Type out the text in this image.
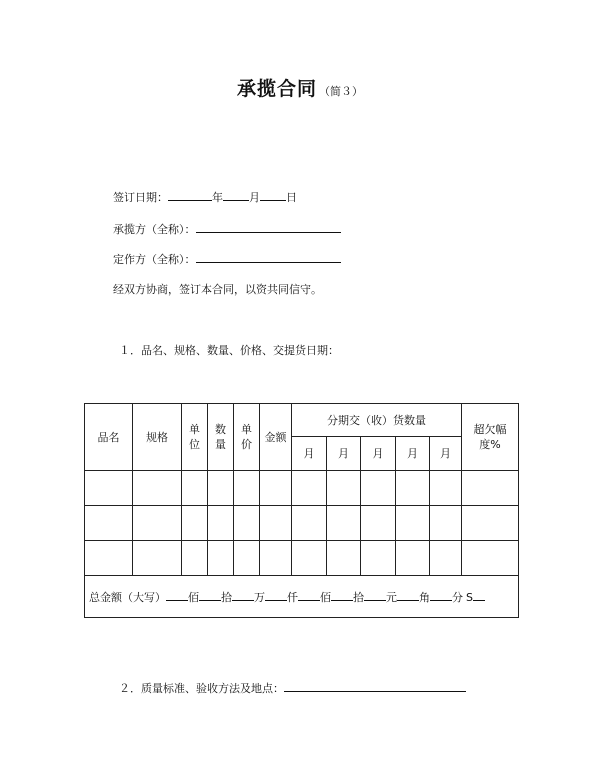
承揽合同 （简３）
签订日期：	年 月 日
承揽方（全称）：
定作方（全称）：
经双方协商，签订本合同，以资共同信守。
１．品名、规格、数量、价格、交提货日期：
品名	规格	单位	数量	单价	金额	分期交（收）货数量					超欠幅度%
						月	月	月	月	月	

总金额（大写） 佰 拾 万 仟 佰 拾 元 角 分 S											
２．质量标准、验收方法及地点：
